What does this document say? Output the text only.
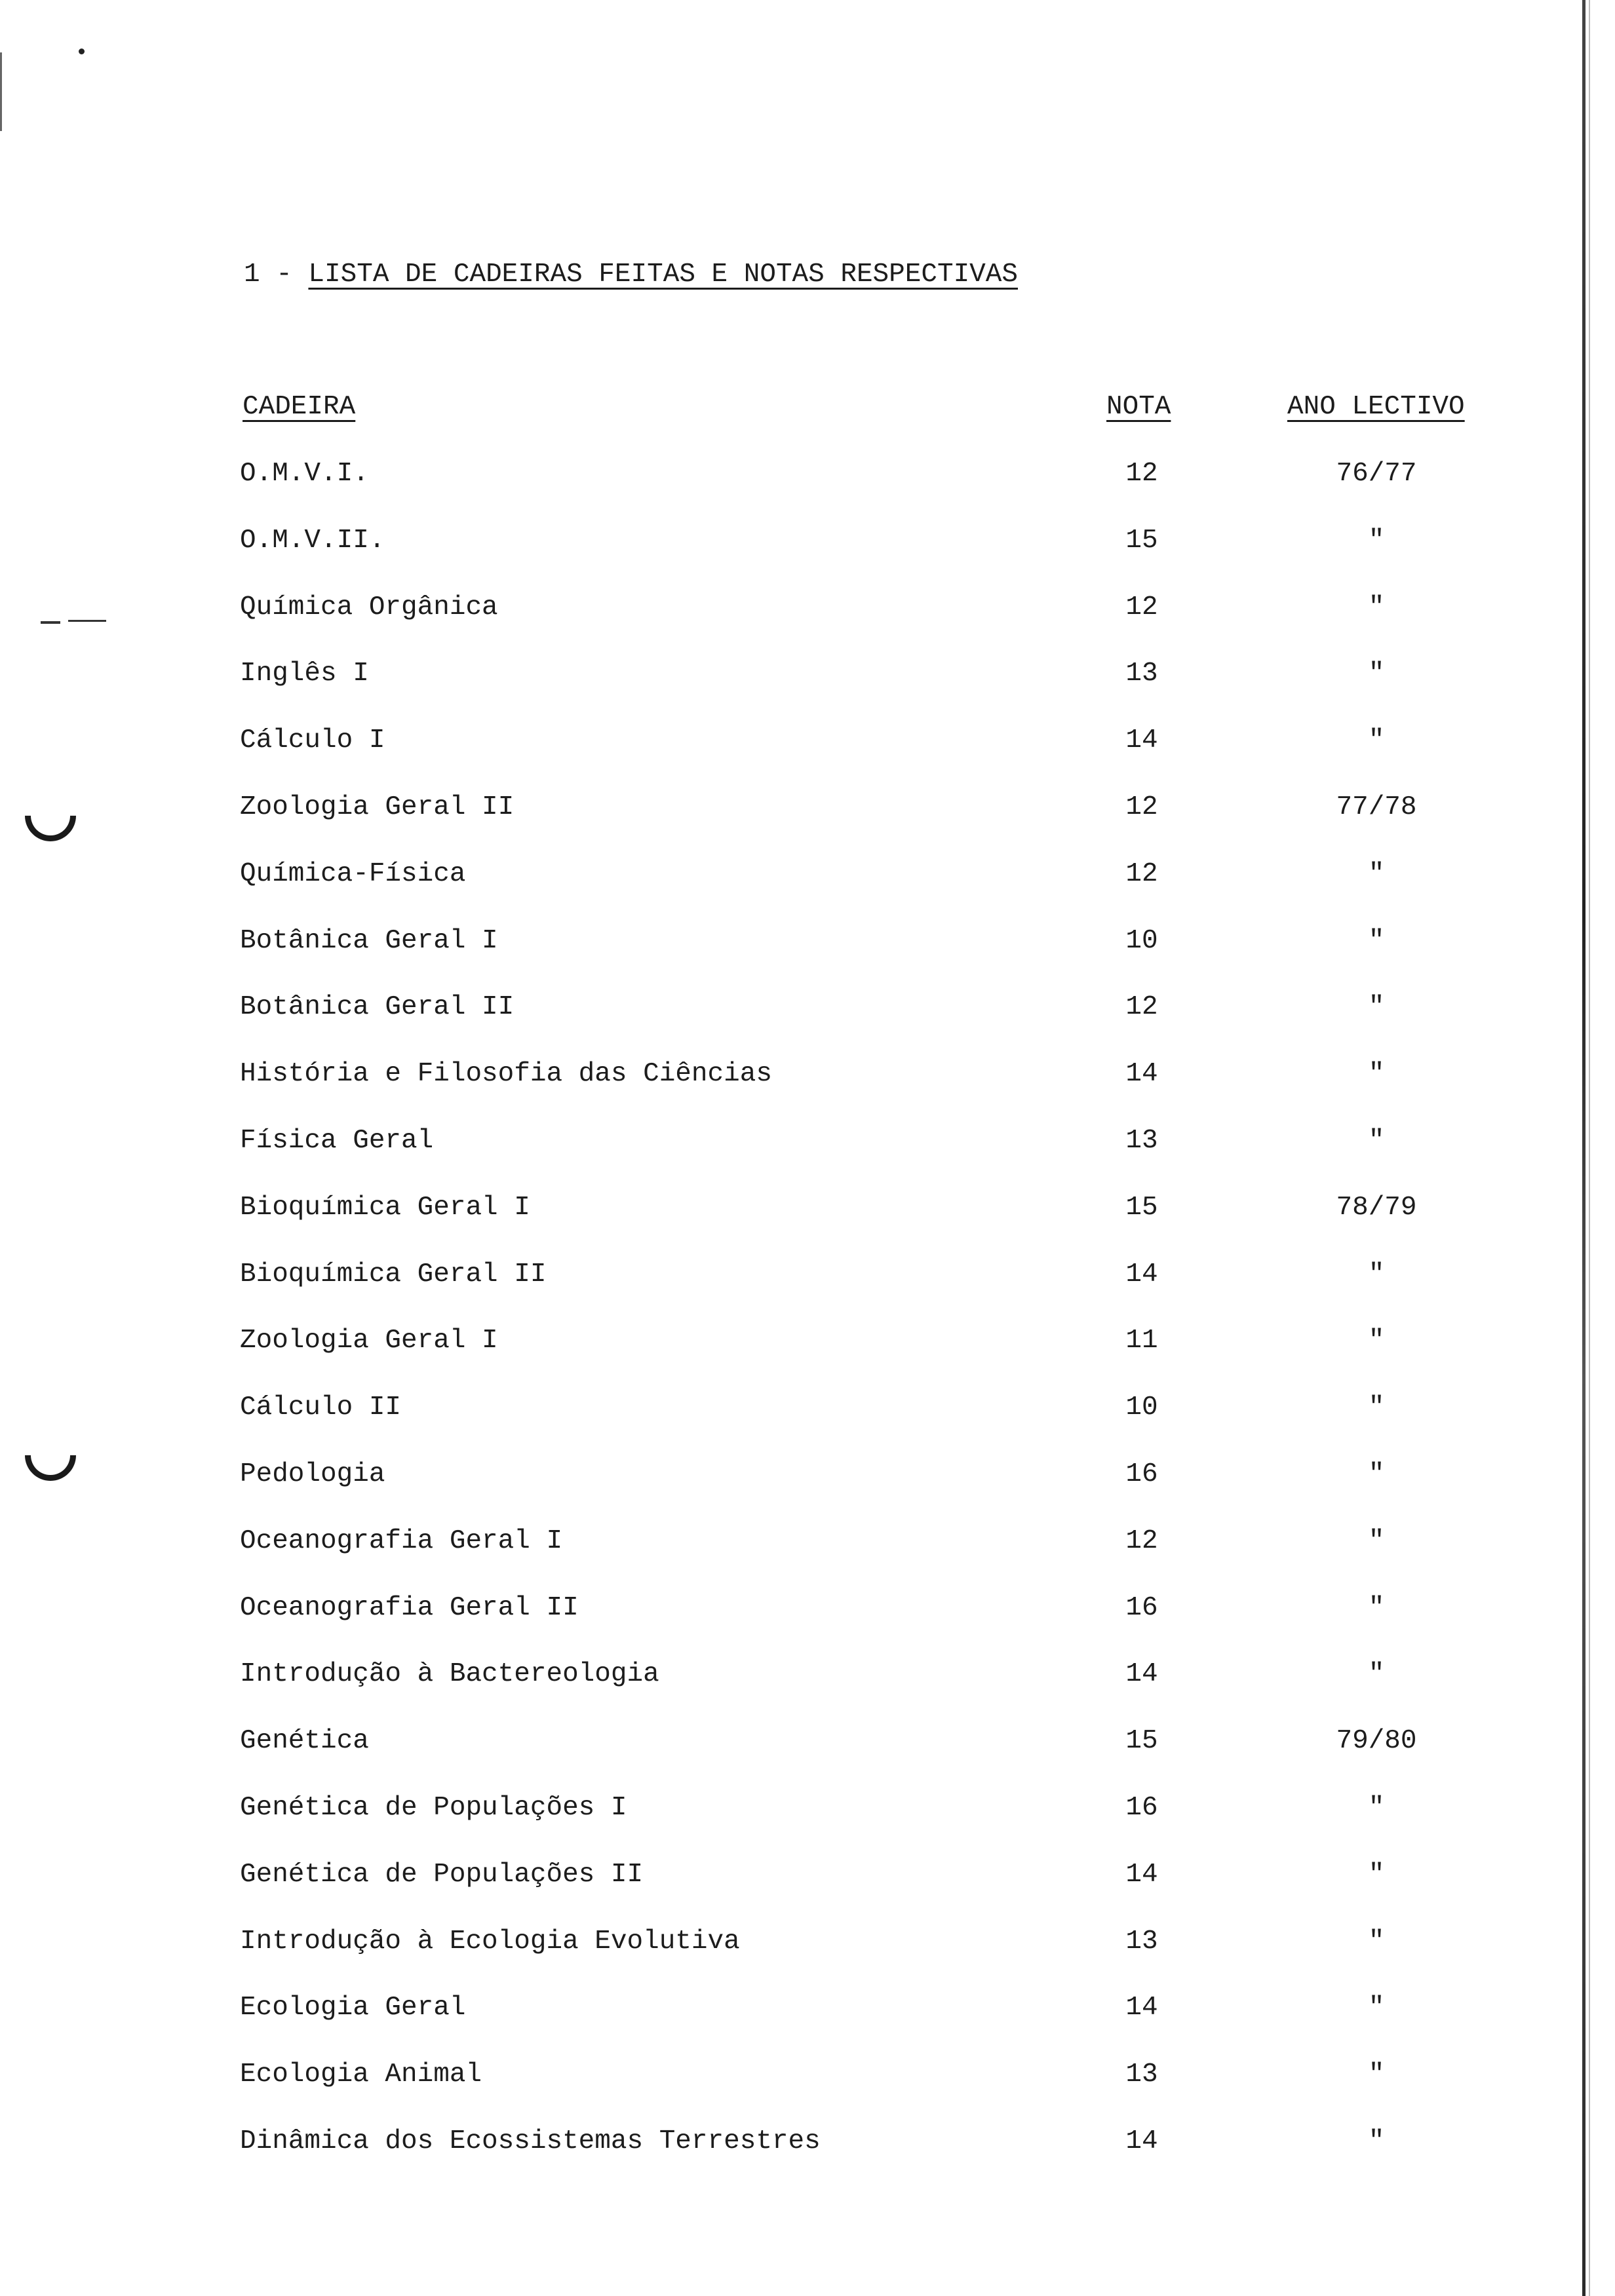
1 - LISTA DE CADEIRAS FEITAS E NOTAS RESPECTIVAS
CADEIRA	NOTA	ANO LECTIVO
O.M.V.I.	12	76/77
O.M.V.II.	15	"
Química Orgânica	12	"
Inglês I	13	"
Cálculo I	14	"
Zoologia Geral II	12	77/78
Química-Física	12	"
Botânica Geral I	10	"
Botânica Geral II	12	"
História e Filosofia das Ciências	14	"
Física Geral	13	"
Bioquímica Geral I	15	78/79
Bioquímica Geral II	14	"
Zoologia Geral I	11	"
Cálculo II	10	"
Pedologia	16	"
Oceanografia Geral I	12	"
Oceanografia Geral II	16	"
Introdução à Bactereologia	14	"
Genética	15	79/80
Genética de Populações I	16	"
Genética de Populações II	14	"
Introdução à Ecologia Evolutiva	13	"
Ecologia Geral	14	"
Ecologia Animal	13	"
Dinâmica dos Ecossistemas Terrestres	14	"
